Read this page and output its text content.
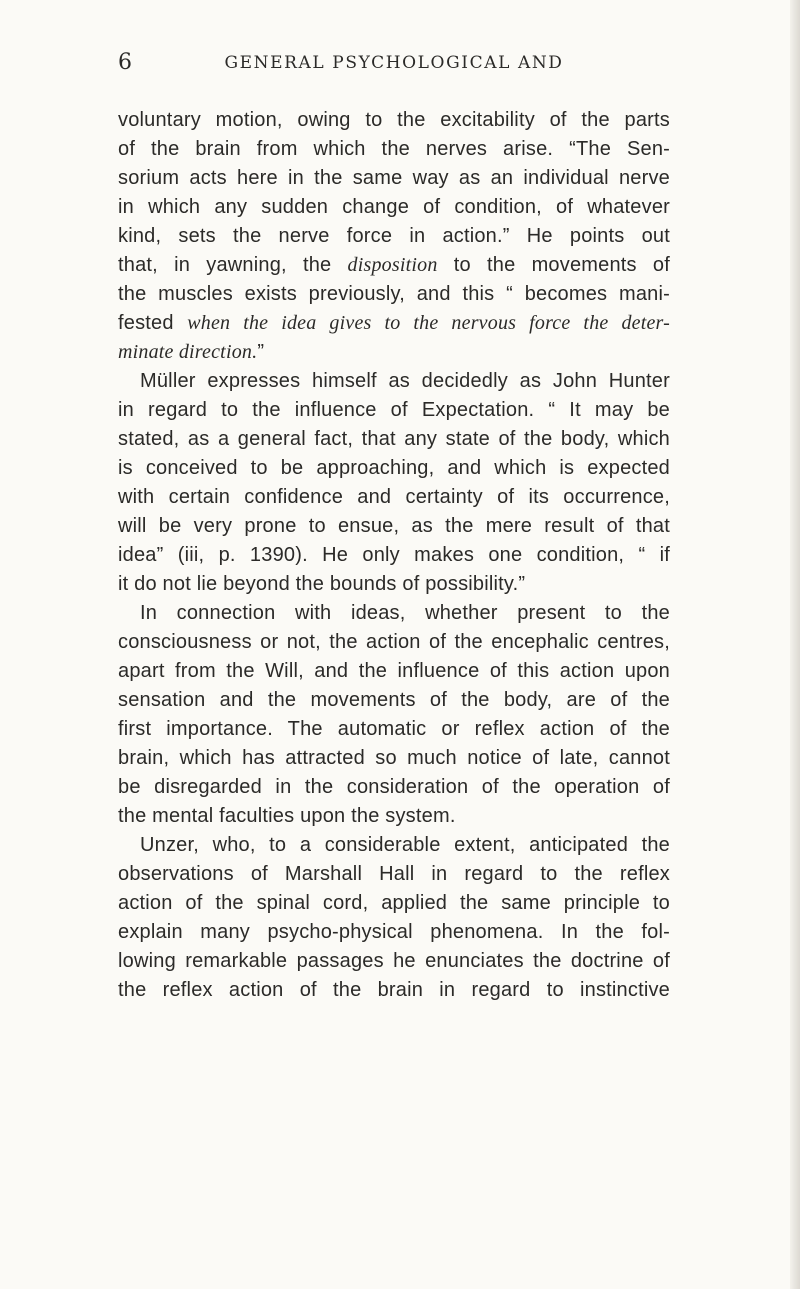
6	GENERAL PSYCHOLOGICAL AND
voluntary motion, owing to the excitability of the parts
of the brain from which the nerves arise. “The Sen-
sorium acts here in the same way as an individual nerve
in which any sudden change of condition, of whatever
kind, sets the nerve force in action.” He points out
that, in yawning, the disposition to the movements of
the muscles exists previously, and this “ becomes mani-
fested when the idea gives to the nervous force the deter-
minate direction.”
Müller expresses himself as decidedly as John Hunter
in regard to the influence of Expectation. “ It may be
stated, as a general fact, that any state of the body, which
is conceived to be approaching, and which is expected
with certain confidence and certainty of its occurrence,
will be very prone to ensue, as the mere result of that
idea” (iii, p. 1390). He only makes one condition, “ if
it do not lie beyond the bounds of possibility.”
In connection with ideas, whether present to the
consciousness or not, the action of the encephalic centres,
apart from the Will, and the influence of this action upon
sensation and the movements of the body, are of the
first importance. The automatic or reflex action of the
brain, which has attracted so much notice of late, cannot
be disregarded in the consideration of the operation of
the mental faculties upon the system.
Unzer, who, to a considerable extent, anticipated the
observations of Marshall Hall in regard to the reflex
action of the spinal cord, applied the same principle to
explain many psycho-physical phenomena. In the fol-
lowing remarkable passages he enunciates the doctrine of
the reflex action of the brain in regard to instinctive
